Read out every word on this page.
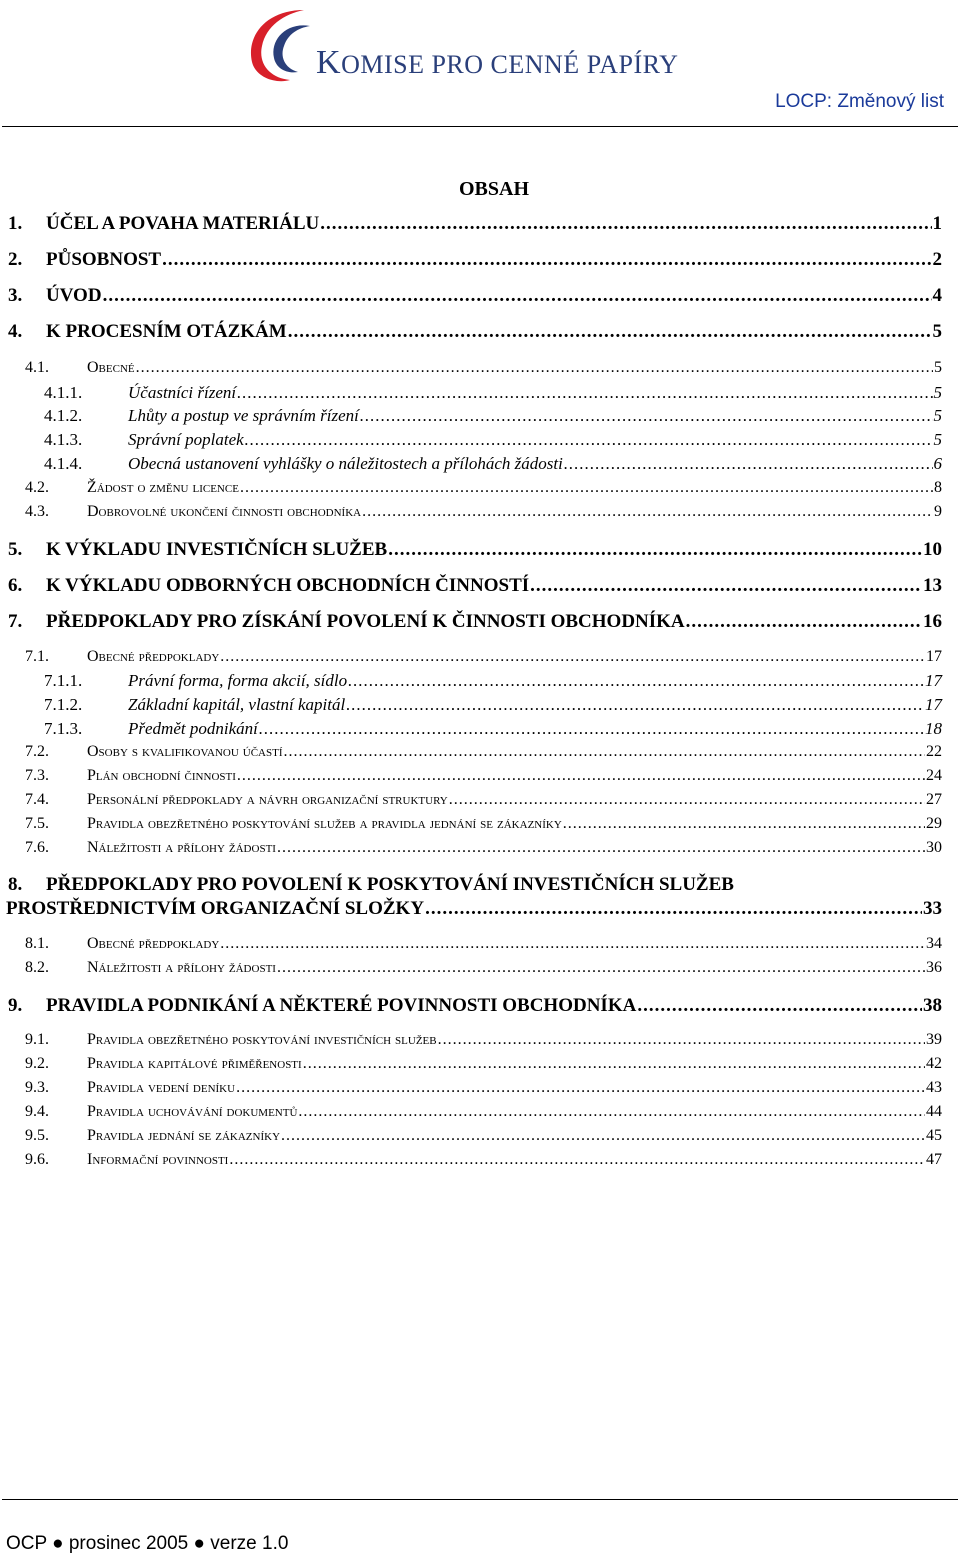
KOMISE PRO CENNÉ PAPÍRY
LOCP: Změnový list
OBSAH
1.	ÚČEL A POVAHA MATERIÁLU .....	1
2.	PŮSOBNOST .....	2
3.	ÚVOD .....	4
4.	K PROCESNÍM OTÁZKÁM .....	5
4.1.	Obecné .....	5
4.1.1.	Účastníci řízení .....	5
4.1.2.	Lhůty a postup ve správním řízení .....	5
4.1.3.	Správní poplatek .....	5
4.1.4.	Obecná ustanovení vyhlášky o náležitostech a přílohách žádosti .....	6
4.2.	Žádost o změnu licence .....	8
4.3.	Dobrovolné ukončení činnosti obchodníka .....	9
5.	K VÝKLADU INVESTIČNÍCH SLUŽEB .....	10
6.	K VÝKLADU ODBORNÝCH OBCHODNÍCH ČINNOSTÍ .....	13
7.	PŘEDPOKLADY PRO ZÍSKÁNÍ POVOLENÍ K ČINNOSTI OBCHODNÍKA .....	16
7.1.	Obecné předpoklady .....	17
7.1.1.	Právní forma, forma akcií, sídlo .....	17
7.1.2.	Základní kapitál, vlastní kapitál .....	17
7.1.3.	Předmět podnikání .....	18
7.2.	Osoby s kvalifikovanou účastí .....	22
7.3.	Plán obchodní činnosti .....	24
7.4.	Personální předpoklady a návrh organizační struktury .....	27
7.5.	Pravidla obezřetného poskytování služeb a pravidla jednání se zákazníky .....	29
7.6.	Náležitosti a přílohy žádosti .....	30
8. PŘEDPOKLADY PRO POVOLENÍ K POSKYTOVÁNÍ INVESTIČNÍCH SLUŽEB
PROSTŘEDNICTVÍM ORGANIZAČNÍ SLOŽKY .....	33
8.1.	Obecné předpoklady .....	34
8.2.	Náležitosti a přílohy žádosti .....	36
9.	PRAVIDLA PODNIKÁNÍ A NĚKTERÉ POVINNOSTI OBCHODNÍKA .....	38
9.1.	Pravidla obezřetného poskytování investičních služeb .....	39
9.2.	Pravidla kapitálové přiměřenosti .....	42
9.3.	Pravidla vedení deníku .....	43
9.4.	Pravidla uchovávání dokumentů .....	44
9.5.	Pravidla jednání se zákazníky .....	45
9.6.	Informační povinnosti .....	47
OCP ● prosinec 2005 ● verze 1.0
